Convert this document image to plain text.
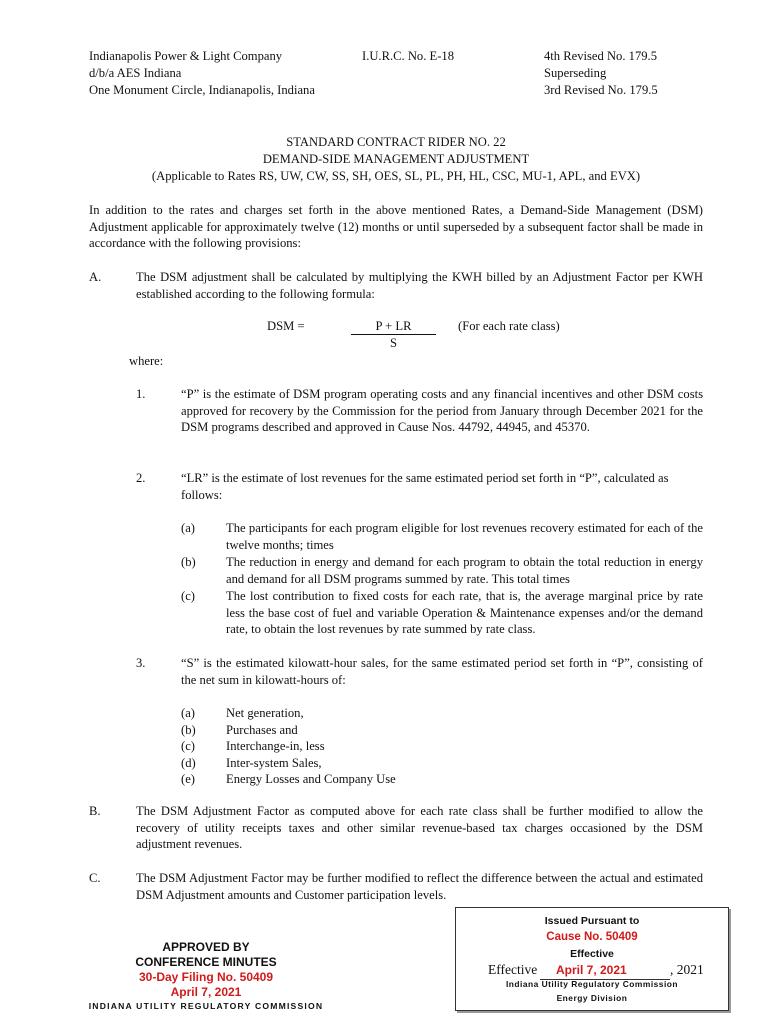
Indianapolis Power & Light Company
d/b/a AES Indiana
One Monument Circle, Indianapolis, Indiana
I.U.R.C. No. E-18	4th Revised No. 179.5
Superseding
3rd Revised No. 179.5
STANDARD CONTRACT RIDER NO. 22
DEMAND-SIDE MANAGEMENT ADJUSTMENT
(Applicable to Rates RS, UW, CW, SS, SH, OES, SL, PL, PH, HL, CSC, MU-1, APL, and EVX)
In addition to the rates and charges set forth in the above mentioned Rates, a Demand-Side Management (DSM) Adjustment applicable for approximately twelve (12) months or until superseded by a subsequent factor shall be made in accordance with the following provisions:
A.	The DSM adjustment shall be calculated by multiplying the KWH billed by an Adjustment Factor per KWH established according to the following formula:
DSM =	P + LR
S
(For each rate class)
where:
1.	“P” is the estimate of DSM program operating costs and any financial incentives and other DSM costs approved for recovery by the Commission for the period from January through December 2021 for the DSM programs described and approved in Cause Nos. 44792, 44945, and 45370.
2.	“LR” is the estimate of lost revenues for the same estimated period set forth in “P”, calculated as follows:
(a) The participants for each program eligible for lost revenues recovery estimated for each of the twelve months; times
(b) The reduction in energy and demand for each program to obtain the total reduction in energy and demand for all DSM programs summed by rate. This total times
(c) The lost contribution to fixed costs for each rate, that is, the average marginal price by rate less the base cost of fuel and variable Operation & Maintenance expenses and/or the demand rate, to obtain the lost revenues by rate summed by rate class.
3.	“S” is the estimated kilowatt-hour sales, for the same estimated period set forth in “P”, consisting of the net sum in kilowatt-hours of:
(a)	Net generation,
(b)	Purchases and
(c)	Interchange-in, less
(d)	Inter-system Sales,
(e)	Energy Losses and Company Use
B.	The DSM Adjustment Factor as computed above for each rate class shall be further modified to allow the recovery of utility receipts taxes and other similar revenue-based tax charges occasioned by the DSM adjustment revenues.
C.	The DSM Adjustment Factor may be further modified to reflect the difference between the actual and estimated DSM Adjustment amounts and Customer participation levels.
APPROVED BY
CONFERENCE MINUTES
30-Day Filing No. 50409
April 7, 2021
INDIANA UTILITY REGULATORY COMMISSION
Issued Pursuant to
Cause No. 50409
Effective
Effective April 7, 2021	, 2021
Indiana Utility Regulatory Commission
Energy Division
